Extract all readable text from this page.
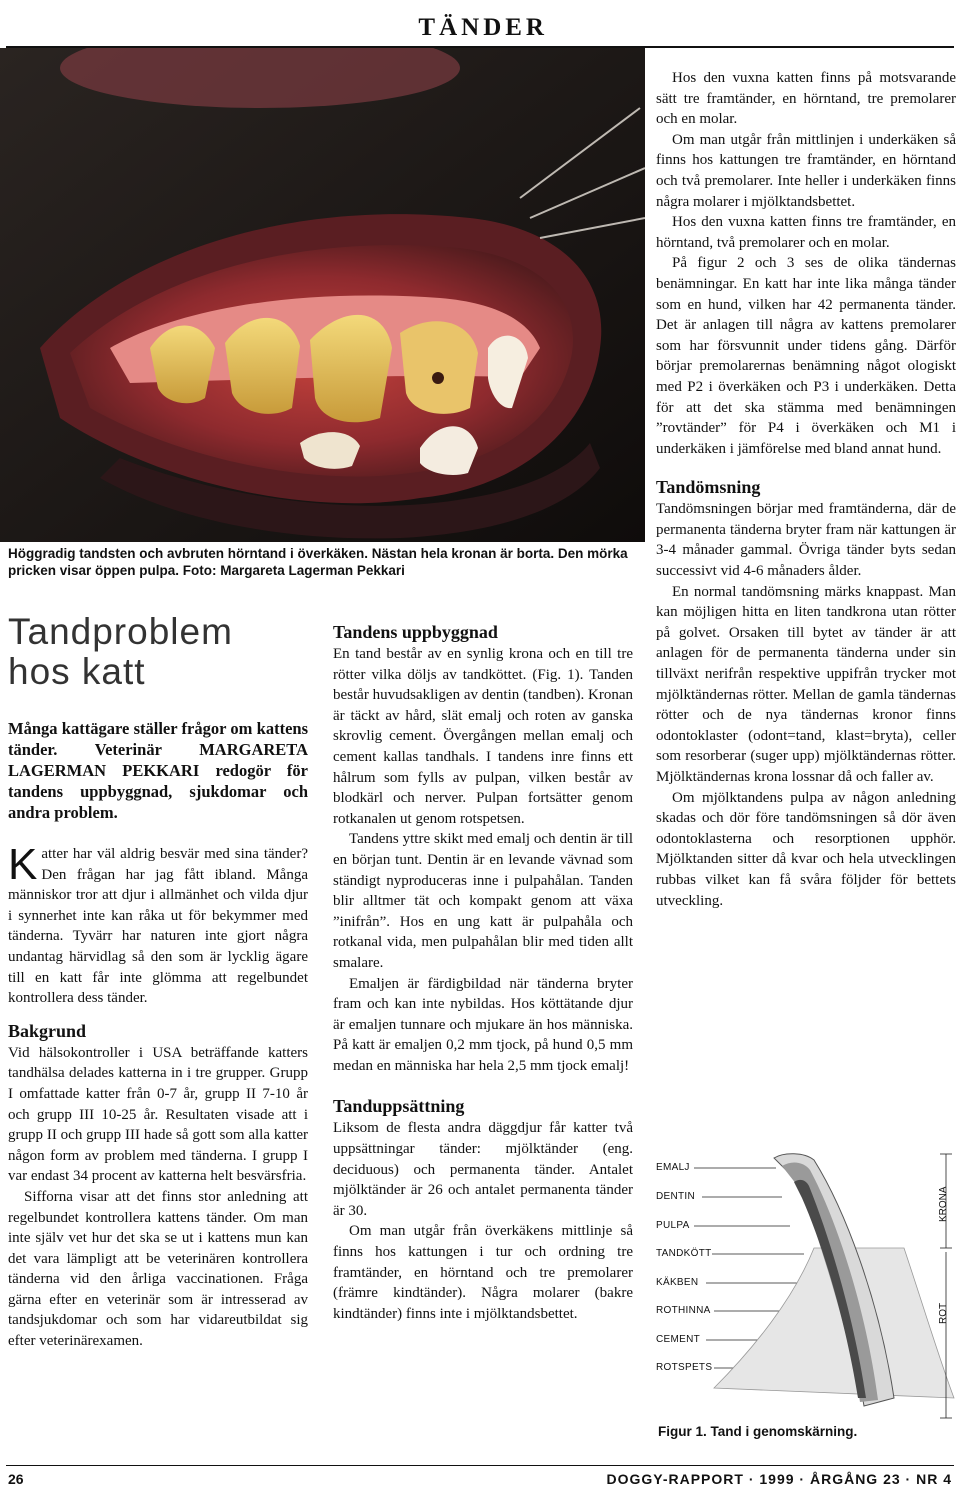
TÄNDER
Höggradig tandsten och avbruten hörntand i överkäken. Nästan hela kronan är borta. Den mörka pricken visar öppen pulpa. Foto: Margareta Lagerman Pekkari
Tandproblem
hos katt
Många kattägare ställer frågor om kattens tänder. Veterinär MARGARETA LAGERMAN PEKKARI redogör för tandens uppbyggnad, sjukdomar och andra problem.

Katter har väl aldrig besvär med sina tänder? Den frågan har jag fått ibland. Många människor tror att djur i allmänhet och vilda djur i synnerhet inte kan råka ut för bekymmer med tänderna. Tyvärr har naturen inte gjort några undantag härvidlag så den som är lycklig ägare till en katt får inte glömma att regelbundet kontrollera dess tänder.

Bakgrund

Vid hälsokontroller i USA beträffande katters tandhälsa delades katterna in i tre grupper. Grupp I omfattade katter från 0-7 år, grupp II 7-10 år och grupp III 10-25 år. Resultaten visade att i grupp II och grupp III hade så gott som alla katter någon form av problem med tänderna. I grupp I var endast 34 procent av katterna helt besvärsfria.

Sifforna visar att det finns stor anledning att regelbundet kontrollera kattens tänder. Om man inte själv vet hur det ska se ut i kattens mun kan det vara lämpligt att be veterinären kontrollera tänderna vid den årliga vaccinationen. Fråga gärna efter en veterinär som är intresserad av tandsjukdomar och som har vidareutbildat sig efter veterinärexamen.

Tandens uppbyggnad

En tand består av en synlig krona och en till tre rötter vilka döljs av tandköttet. (Fig. 1). Tanden består huvudsakligen av dentin (tandben). Kronan är täckt av hård, slät emalj och roten av ganska skrovlig cement. Övergången mellan emalj och cement kallas tandhals. I tandens inre finns ett hålrum som fylls av pulpan, vilken består av blodkärl och nerver. Pulpan fortsätter genom rotkanalen ut genom rotspetsen.

Tandens yttre skikt med emalj och dentin är till en början tunt. Dentin är en levande vävnad som ständigt nyproduceras inne i pulpahålan. Tanden blir alltmer tät och kompakt genom att växa ”inifrån”. Hos en ung katt är pulpahåla och rotkanal vida, men pulpahålan blir med tiden allt smalare.

Emaljen är färdigbildad när tänderna bryter fram och kan inte nybildas. Hos köttätande djur är emaljen tunnare och mjukare än hos människa. På katt är emaljen 0,2 mm tjock, på hund 0,5 mm medan en människa har hela 2,5 mm tjock emalj!

Tanduppsättning

Liksom de flesta andra däggdjur får katter två uppsättningar tänder: mjölktänder (eng. deciduous) och permanenta tänder. Antalet mjölktänder är 26 och antalet permanenta tänder är 30.

Om man utgår från överkäkens mittlinje så finns hos kattungen i tur och ordning tre framtänder, en hörntand och tre premolarer (främre kindtänder). Några molarer (bakre kindtänder) finns inte i mjölktandsbettet.

Hos den vuxna katten finns på motsvarande sätt tre framtänder, en hörntand, tre premolarer och en molar.

Om man utgår från mittlinjen i underkäken så finns hos kattungen tre framtänder, en hörntand och två premolarer. Inte heller i underkäken finns några molarer i mjölktandsbettet.

Hos den vuxna katten finns tre framtänder, en hörntand, två premolarer och en molar.

På figur 2 och 3 ses de olika tändernas benämningar. En katt har inte lika många tänder som en hund, vilken har 42 permanenta tänder. Det är anlagen till några av kattens premolarer som har försvunnit under tidens gång. Därför börjar premolarernas benämning något ologiskt med P2 i överkäken och P3 i underkäken. Detta för att det ska stämma med benämningen ”rovtänder” för P4 i överkäken och M1 i underkäken i jämförelse med bland annat hund.

Tandömsning

Tandömsningen börjar med framtänderna, där de permanenta tänderna bryter fram när kattungen är 3-4 månader gammal. Övriga tänder byts sedan successivt vid 4-6 månaders ålder.

En normal tandömsning märks knappast. Man kan möjligen hitta en liten tandkrona utan rötter på golvet. Orsaken till bytet av tänder är att anlagen för de permanenta tänderna under sin tillväxt nerifrån respektive uppifrån trycker mot mjölktändernas rötter. Mellan de gamla tändernas rötter och de nya tändernas kronor finns odontoklaster (odont=tand, klast=bryta), celler som resorberar (suger upp) mjölktändernas rötter. Mjölktändernas krona lossnar då och faller av.

Om mjölktandens pulpa av någon anledning skadas och dör före tandömsningen så dör även odontoklasterna och resorptionen upphör. Mjölktanden sitter då kvar och hela utvecklingen rubbas vilket kan få svåra följder för bettets utveckling.

EMALJ
DENTIN
PULPA
TANDKÖTT
KÄKBEN
ROTHINNA
CEMENT
ROTSPETS
KRONA
ROT
Figur 1. Tand i genomskärning.
26	DOGGY-RAPPORT · 1999 · ÅRGÅNG 23 · NR 4
